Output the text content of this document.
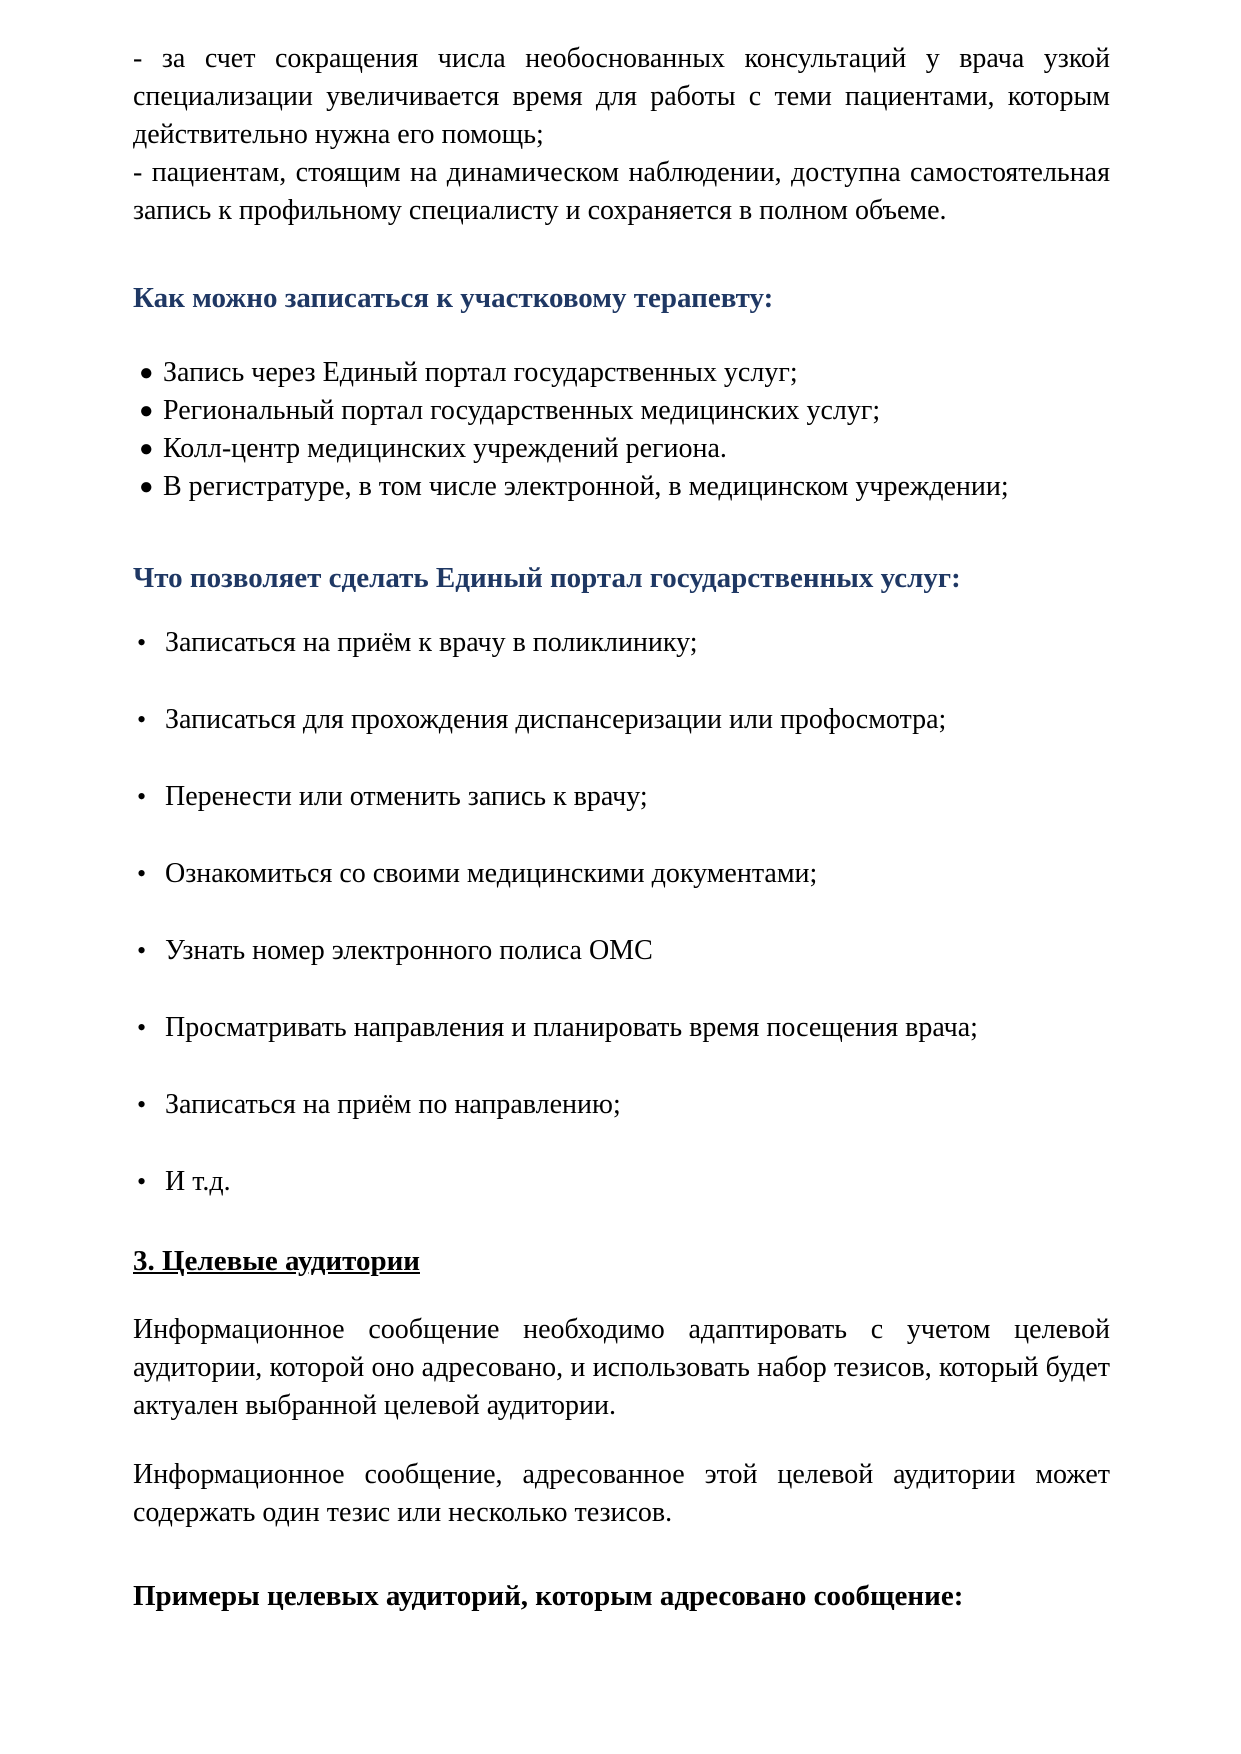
- за счет сокращения числа необоснованных консультаций у врача узкой специализации увеличивается время для работы с теми пациентами, которым действительно нужна его помощь;

- пациентам, стоящим на динамическом наблюдении, доступна самостоятельная запись к профильному специалисту и сохраняется в полном объеме.

Как можно записаться к участковому терапевту:
● Запись через Единый портал государственных услуг;
● Региональный портал государственных медицинских услуг;
● Колл-центр медицинских учреждений региона.
● В регистратуре, в том числе электронной, в медицинском учреждении;
Что позволяет сделать Единый портал государственных услуг:
• Записаться на приём к врачу в поликлинику;
• Записаться для прохождения диспансеризации или профосмотра;
• Перенести или отменить запись к врачу;
• Ознакомиться со своими медицинскими документами;
• Узнать номер электронного полиса ОМС
• Просматривать направления и планировать время посещения врача;
• Записаться на приём по направлению;
• И т.д.
3. Целевые аудитории

Информационное сообщение необходимо адаптировать с учетом целевой аудитории, которой оно адресовано, и использовать набор тезисов, который будет актуален выбранной целевой аудитории.

Информационное сообщение, адресованное этой целевой аудитории может содержать один тезис или несколько тезисов.

Примеры целевых аудиторий, которым адресовано сообщение:
